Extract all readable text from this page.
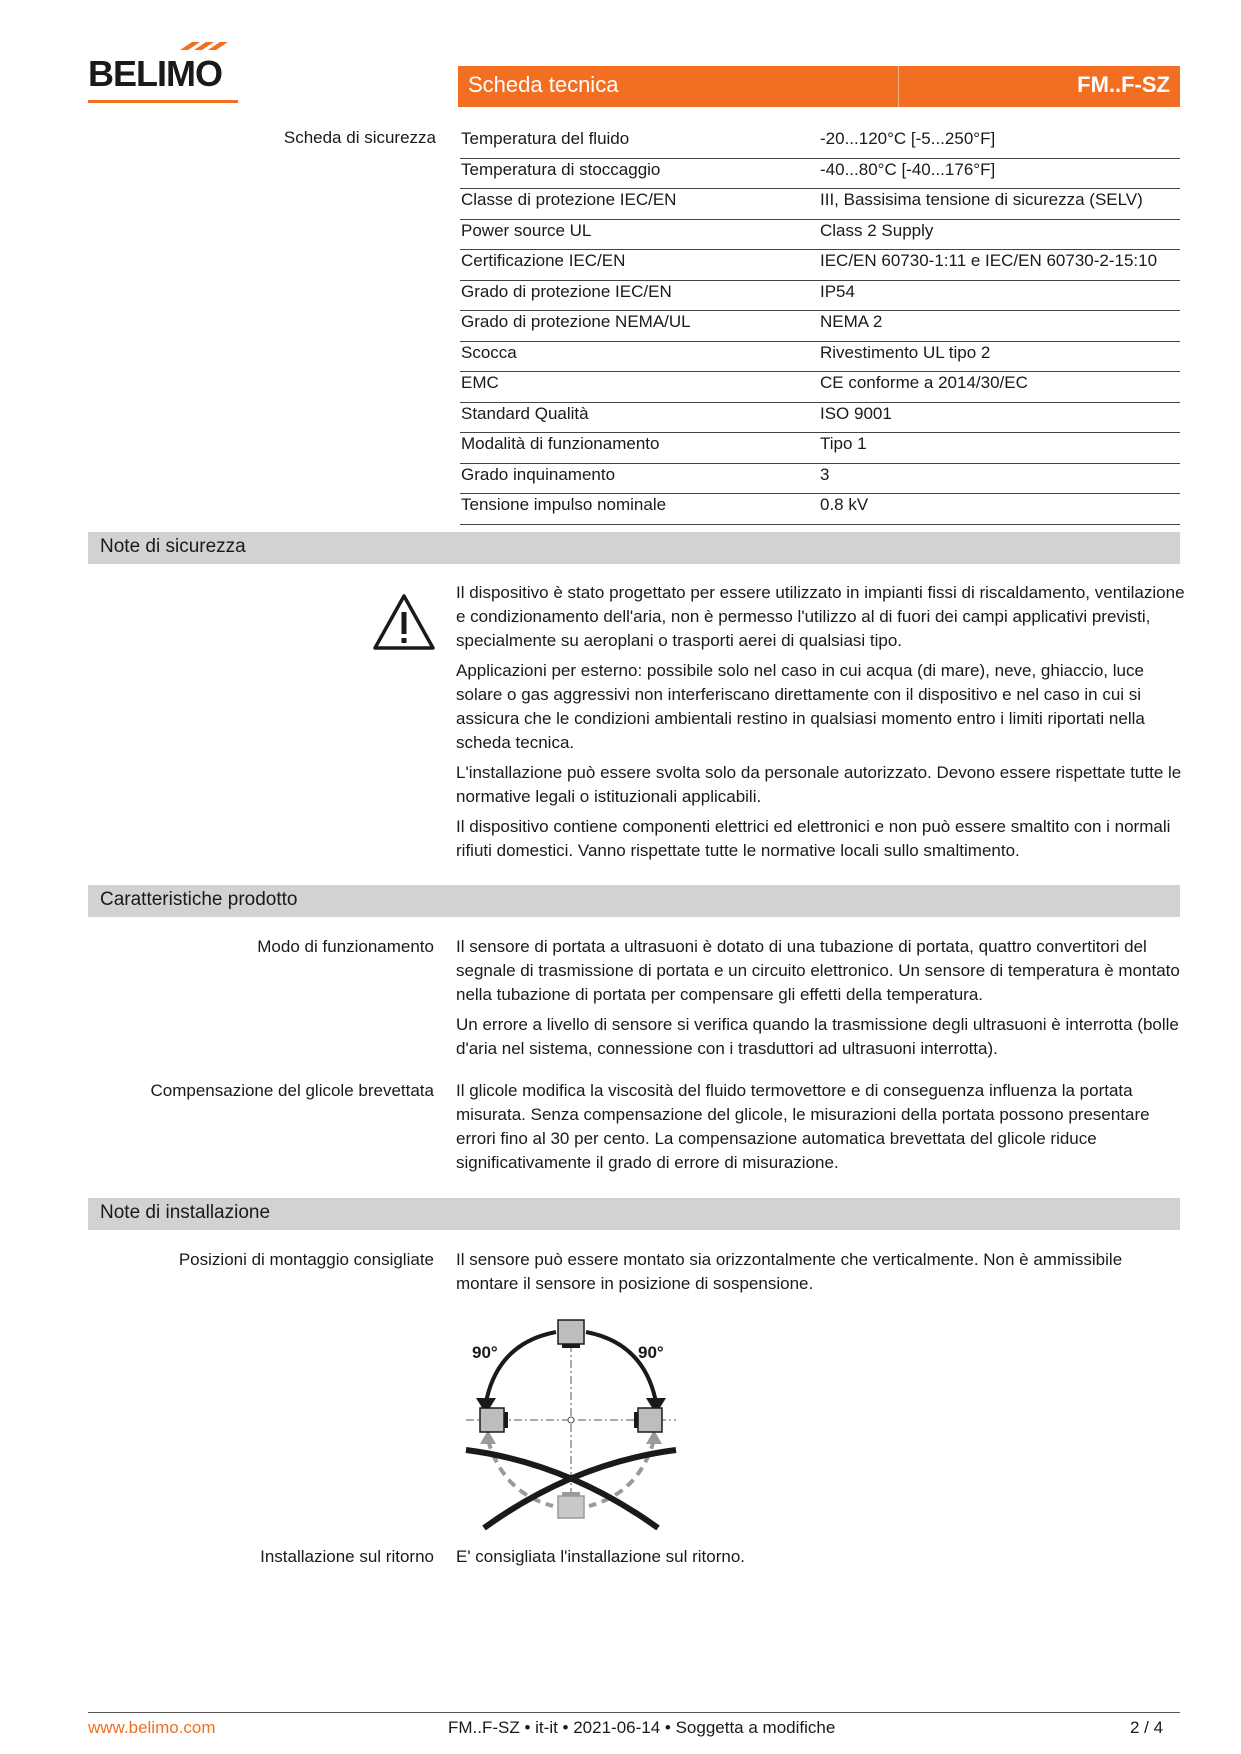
BELIMO	Scheda tecnica	FM..F-SZ
Scheda di sicurezza Temperatura del fluido	-20...120°C [-5...250°F]
Temperatura di stoccaggio	-40...80°C [-40...176°F]
Classe di protezione IEC/EN	III, Bassisima tensione di sicurezza (SELV)
Power source UL	Class 2 Supply
Certificazione IEC/EN	IEC/EN 60730-1:11 e IEC/EN 60730-2-15:10
Grado di protezione IEC/EN	IP54
Grado di protezione NEMA/UL	NEMA 2
Scocca	Rivestimento UL tipo 2
EMC	CE conforme a 2014/30/EC
Standard Qualità	ISO 9001
Modalità di funzionamento	Tipo 1
Grado inquinamento	3
Tensione impulso nominale	0.8 kV
Note di sicurezza

Il dispositivo è stato progettato per essere utilizzato in impianti fissi di riscaldamento, ventilazione e condizionamento dell'aria, non è permesso l'utilizzo al di fuori dei campi applicativi previsti, specialmente su aeroplani o trasporti aerei di qualsiasi tipo.

Applicazioni per esterno: possibile solo nel caso in cui acqua (di mare), neve, ghiaccio, luce solare o gas aggressivi non interferiscano direttamente con il dispositivo e nel caso in cui si assicura che le condizioni ambientali restino in qualsiasi momento entro i limiti riportati nella scheda tecnica.

L'installazione può essere svolta solo da personale autorizzato. Devono essere rispettate tutte le normative legali o istituzionali applicabili.

Il dispositivo contiene componenti elettrici ed elettronici e non può essere smaltito con i normali rifiuti domestici. Vanno rispettate tutte le normative locali sullo smaltimento.

Caratteristiche prodotto
Modo di funzionamento Il sensore di portata a ultrasuoni è dotato di una tubazione di portata, quattro convertitori del segnale di trasmissione di portata e un circuito elettronico. Un sensore di temperatura è montato nella tubazione di portata per compensare gli effetti della temperatura.

Un errore a livello di sensore si verifica quando la trasmissione degli ultrasuoni è interrotta (bolle d'aria nel sistema, connessione con i trasduttori ad ultrasuoni interrotta).

Compensazione del glicole brevettata Il glicole modifica la viscosità del fluido termovettore e di conseguenza influenza la portata misurata. Senza compensazione del glicole, le misurazioni della portata possono presentare errori fino al 30 per cento. La compensazione automatica brevettata del glicole riduce significativamente il grado di errore di misurazione.

Note di installazione
Posizioni di montaggio consigliate Il sensore può essere montato sia orizzontalmente che verticalmente. Non è ammissibile montare il sensore in posizione di sospensione.

90°	90°
Installazione sul ritorno E' consigliata l'installazione sul ritorno.

www.belimo.com	FM..F-SZ • it-it • 2021-06-14 • Soggetta a modifiche	2 / 4
